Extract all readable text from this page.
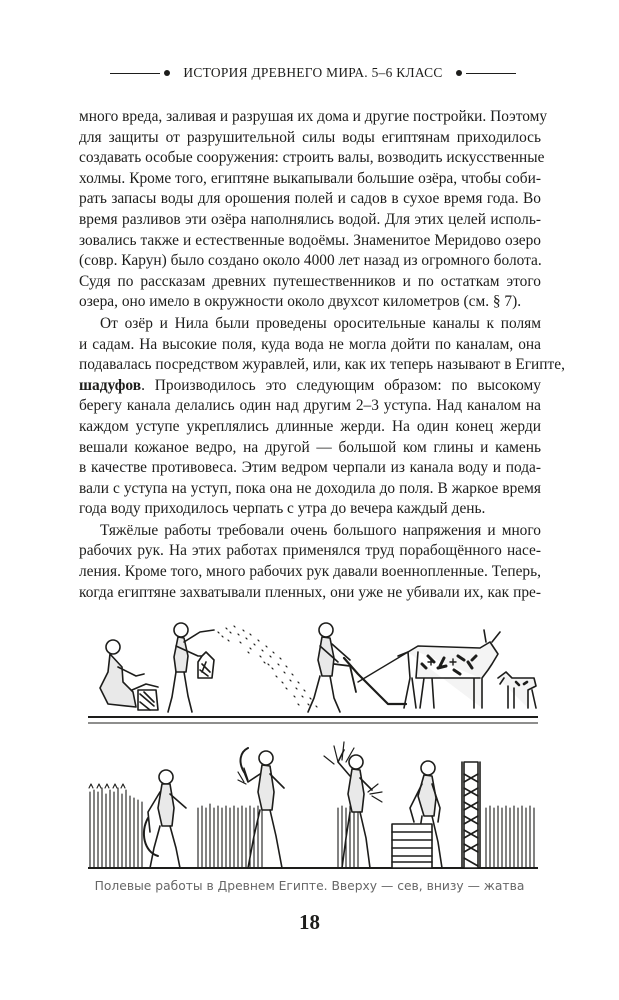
ИСТОРИЯ ДРЕВНЕГО МИРА. 5–6 КЛАСС
много вреда, заливая и разрушая их дома и другие постройки. Поэтому
для защиты от разрушительной силы воды египтянам приходилось
создавать особые сооружения: строить валы, возводить искусственные
холмы. Кроме того, египтяне выкапывали большие озёра, чтобы соби-
рать запасы воды для орошения полей и садов в сухое время года. Во
время разливов эти озёра наполнялись водой. Для этих целей исполь-
зовались также и естественные водоёмы. Знаменитое Меридово озеро
(совр. Карун) было создано около 4000 лет назад из огромного болота.
Судя по рассказам древних путешественников и по остаткам этого
озера, оно имело в окружности около двухсот километров (см. § 7).
От озёр и Нила были проведены оросительные каналы к полям
и садам. На высокие поля, куда вода не могла дойти по каналам, она
подавалась посредством журавлей, или, как их теперь называют в Египте,
шадуфов. Производилось это следующим образом: по высокому
берегу канала делались один над другим 2–3 уступа. Над каналом на
каждом уступе укреплялись длинные жерди. На один конец жерди
вешали кожаное ведро, на другой — большой ком глины и камень
в качестве противовеса. Этим ведром черпали из канала воду и пода-
вали с уступа на уступ, пока она не доходила до поля. В жаркое время
года воду приходилось черпать с утра до вечера каждый день.
Тяжёлые работы требовали очень большого напряжения и много
рабочих рук. На этих работах применялся труд порабощённого насе-
ления. Кроме того, много рабочих рук давали военнопленные. Теперь,
когда египтяне захватывали пленных, они уже не убивали их, как пре-
Полевые работы в Древнем Египте. Вверху — сев, внизу — жатва
18
